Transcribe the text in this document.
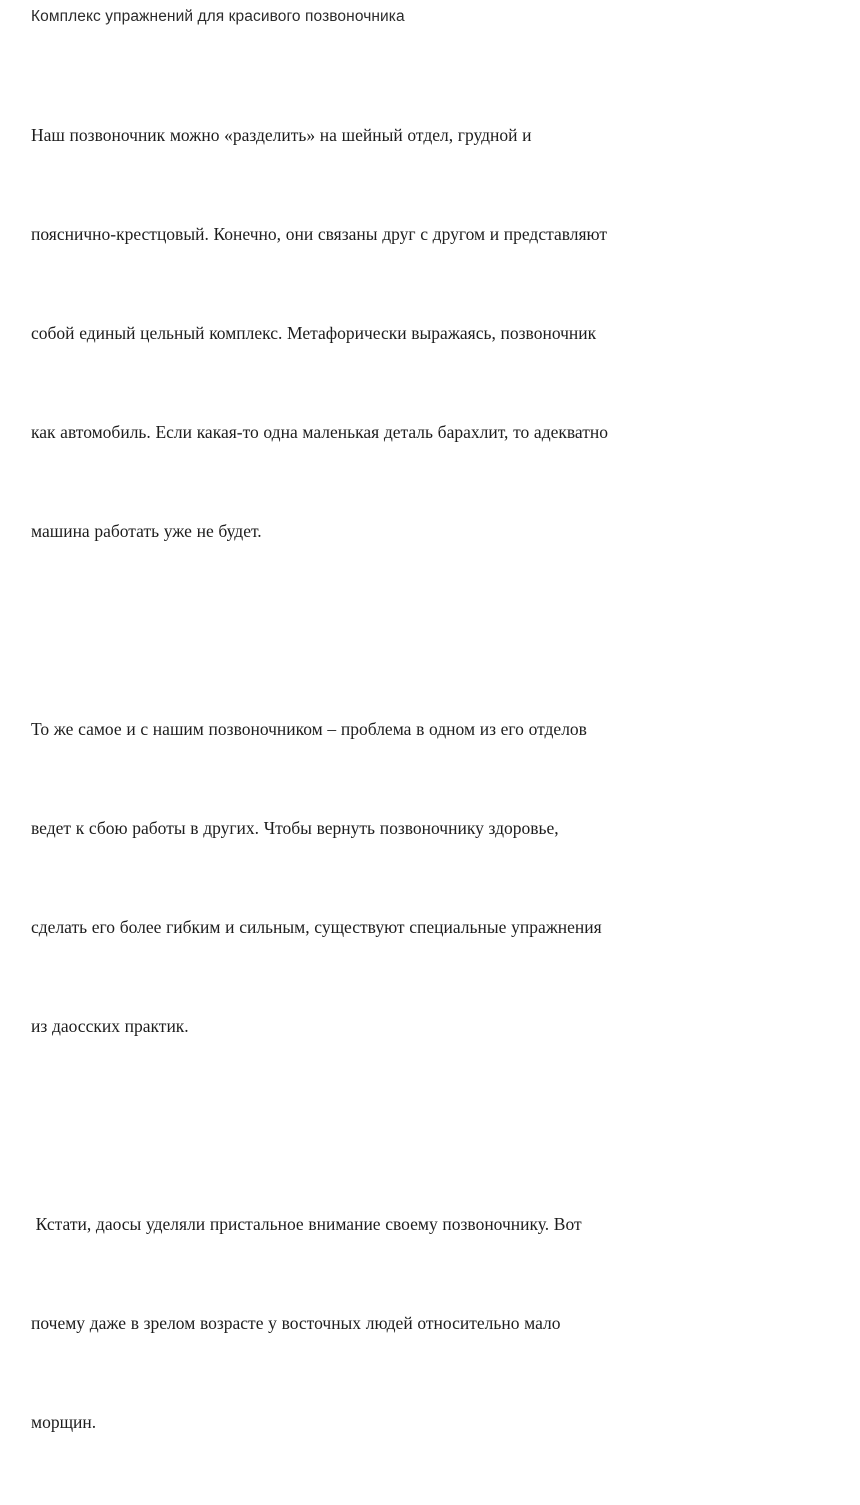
Комплекс упражнений для красивого позвоночника

Наш позвоночник можно «разделить» на шейный отдел, грудной и

пояснично-крестцовый. Конечно, они связаны друг с другом и представляют

собой единый цельный комплекс. Метафорически выражаясь, позвоночник

как автомобиль. Если какая-то одна маленькая деталь барахлит, то адекватно

машина работать уже не будет.

То же самое и с нашим позвоночником – проблема в одном из его отделов

ведет к сбою работы в других. Чтобы вернуть позвоночнику здоровье,

сделать его более гибким и сильным, существуют специальные упражнения

из даосских практик.

Кстати, даосы уделяли пристальное внимание своему позвоночнику. Вот

почему даже в зрелом возрасте у восточных людей относительно мало

морщин.
